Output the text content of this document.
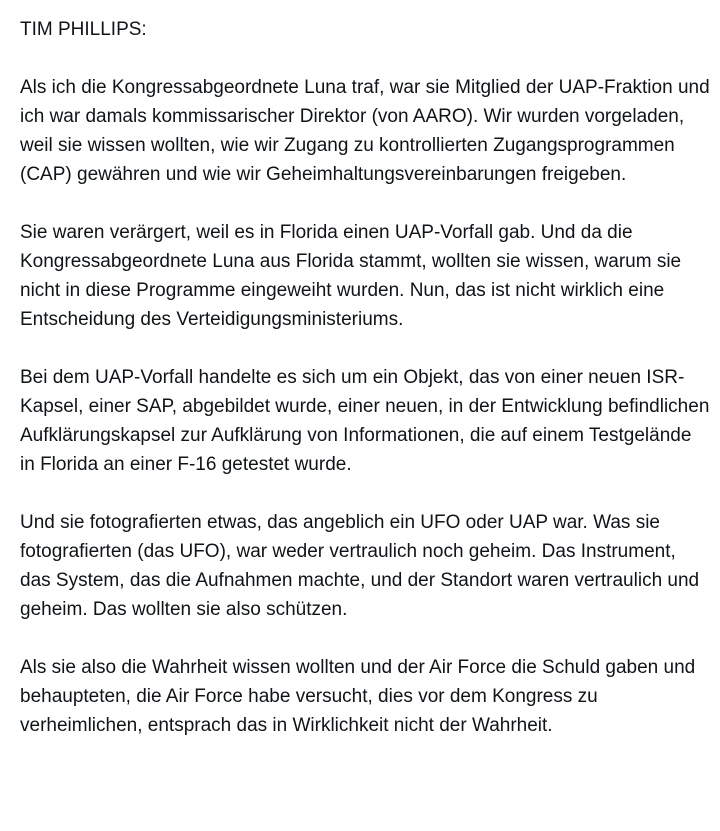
TIM PHILLIPS:

Als ich die Kongressabgeordnete Luna traf, war sie Mitglied der UAP-Fraktion und ich war damals kommissarischer Direktor (von AARO). Wir wurden vorgeladen, weil sie wissen wollten, wie wir Zugang zu kontrollierten Zugangsprogrammen (CAP) gewähren und wie wir Geheimhaltungsvereinbarungen freigeben.

Sie waren verärgert, weil es in Florida einen UAP-Vorfall gab. Und da die Kongressabgeordnete Luna aus Florida stammt, wollten sie wissen, warum sie nicht in diese Programme eingeweiht wurden. Nun, das ist nicht wirklich eine Entscheidung des Verteidigungsministeriums.

Bei dem UAP-Vorfall handelte es sich um ein Objekt, das von einer neuen ISR-Kapsel, einer SAP, abgebildet wurde, einer neuen, in der Entwicklung befindlichen Aufklärungskapsel zur Aufklärung von Informationen, die auf einem Testgelände in Florida an einer F-16 getestet wurde.

Und sie fotografierten etwas, das angeblich ein UFO oder UAP war. Was sie fotografierten (das UFO), war weder vertraulich noch geheim. Das Instrument, das System, das die Aufnahmen machte, und der Standort waren vertraulich und geheim. Das wollten sie also schützen.

Als sie also die Wahrheit wissen wollten und der Air Force die Schuld gaben und behaupteten, die Air Force habe versucht, dies vor dem Kongress zu verheimlichen, entsprach das in Wirklichkeit nicht der Wahrheit.
